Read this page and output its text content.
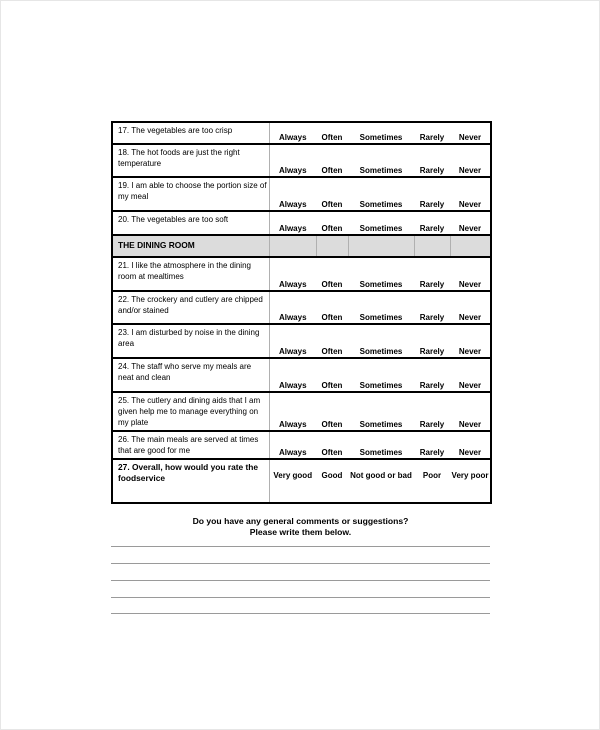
17. The vegetables are too crisp	Always	Often	Sometimes	Rarely	Never
18. The hot foods are just the right temperature	Always	Often	Sometimes	Rarely	Never
19. I am able to choose the portion size of my meal	Always	Often	Sometimes	Rarely	Never
20. The vegetables are too soft	Always	Often	Sometimes	Rarely	Never
THE DINING ROOM					
21. I like the atmosphere in the dining room at mealtimes	Always	Often	Sometimes	Rarely	Never
22. The crockery and cutlery are chipped and/or stained	Always	Often	Sometimes	Rarely	Never
23. I am disturbed by noise in the dining area	Always	Often	Sometimes	Rarely	Never
24. The staff who serve my meals are neat and clean	Always	Often	Sometimes	Rarely	Never
25. The cutlery and dining aids that I am given help me to manage everything on my plate	Always	Often	Sometimes	Rarely	Never
26. The main meals are served at times that are good for me	Always	Often	Sometimes	Rarely	Never
27. Overall, how would you rate the foodservice	Very good	Good	Not good or bad	Poor	Very poor
Do you have any general comments or suggestions?
Please write them below.
